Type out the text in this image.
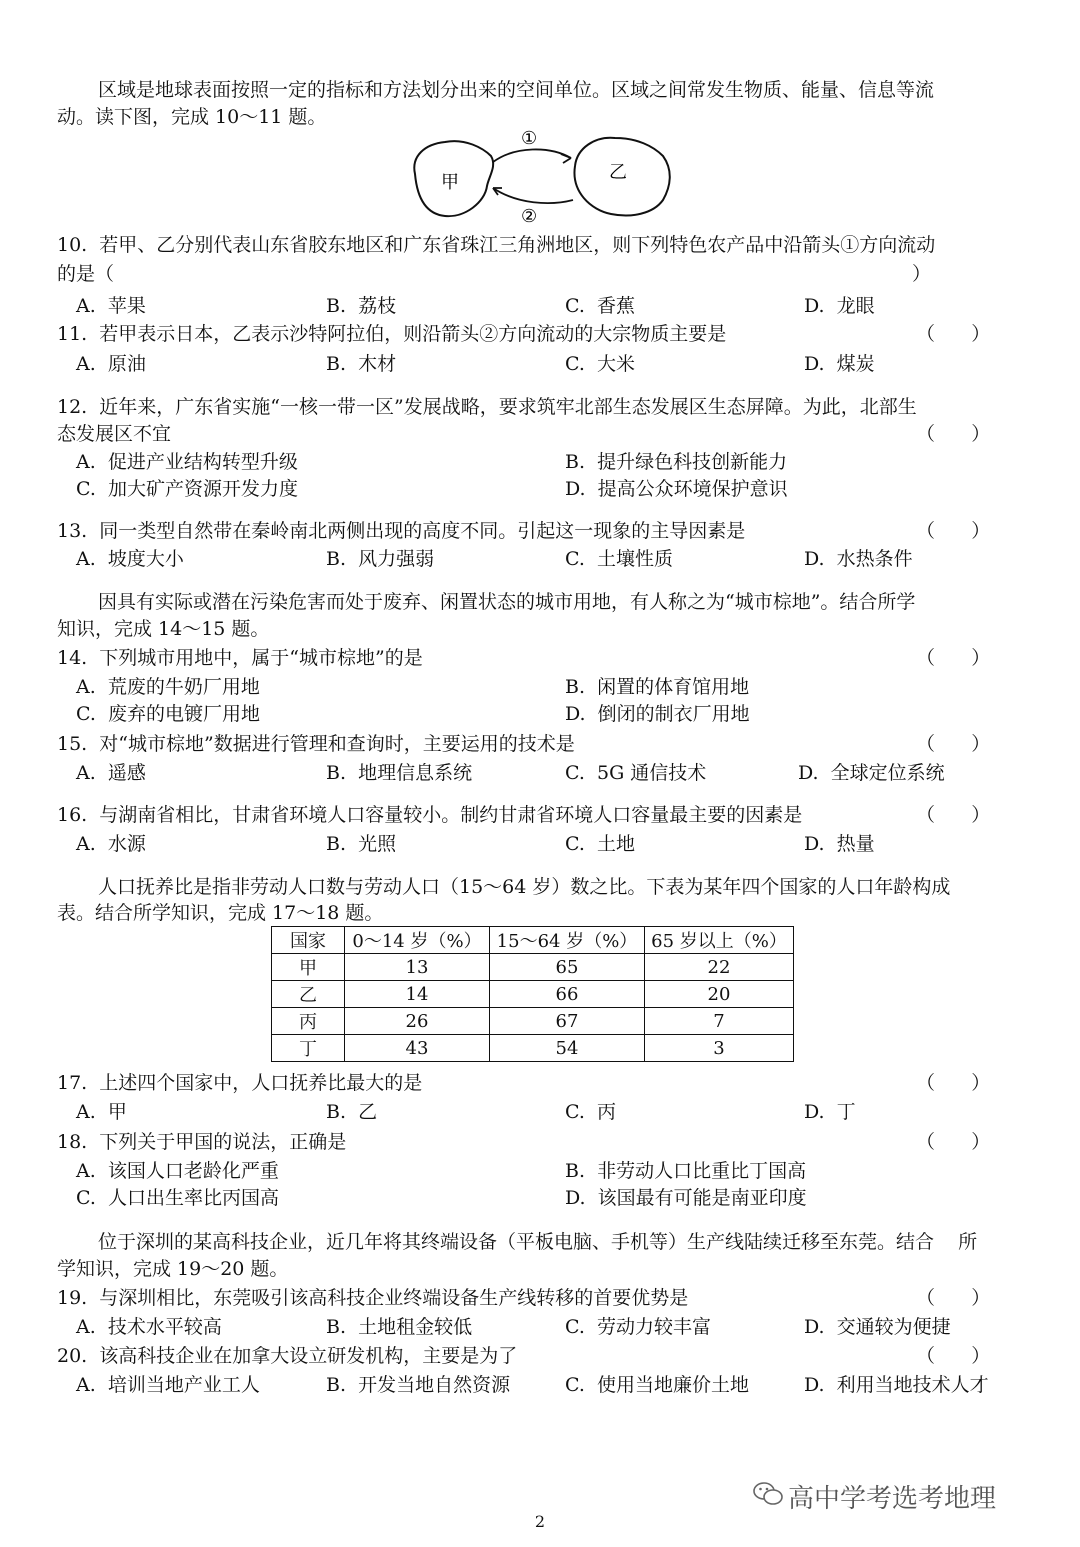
区域是地球表面按照一定的指标和方法划分出来的空间单位。区域之间常发生物质、能量、信息等流
动。读下图，完成 10～11 题。
甲	乙
①
②
10.  若甲、乙分别代表山东省胶东地区和广东省珠江三角洲地区，则下列特色农产品中沿箭头①方向流动
的是（	）
A.  苹果	B.  荔枝	C.  香蕉	D.  龙眼
11.  若甲表示日本，乙表示沙特阿拉伯，则沿箭头②方向流动的大宗物质主要是	（      ）
A.  原油	B.  木材	C.  大米	D.  煤炭
12.  近年来，广东省实施“一核一带一区”发展战略，要求筑牢北部生态发展区生态屏障。为此，北部生
态发展区不宜	（      ）
A.  促进产业结构转型升级	B.  提升绿色科技创新能力
C.  加大矿产资源开发力度	D.  提高公众环境保护意识
13.  同一类型自然带在秦岭南北两侧出现的高度不同。引起这一现象的主导因素是	（      ）
A.  坡度大小	B.  风力强弱	C.  土壤性质	D.  水热条件
因具有实际或潜在污染危害而处于废弃、闲置状态的城市用地，有人称之为“城市棕地”。结合所学
知识，完成 14～15 题。
14.  下列城市用地中，属于“城市棕地”的是	（      ）
A.  荒废的牛奶厂用地	B.  闲置的体育馆用地
C.  废弃的电镀厂用地	D.  倒闭的制衣厂用地
15.  对“城市棕地”数据进行管理和查询时，主要运用的技术是	（      ）
A.  遥感	B.  地理信息系统	C.  5G 通信技术	D.  全球定位系统
16.  与湖南省相比，甘肃省环境人口容量较小。制约甘肃省环境人口容量最主要的因素是	（      ）
A.  水源	B.  光照	C.  土地	D.  热量
人口抚养比是指非劳动人口数与劳动人口（15～64 岁）数之比。下表为某年四个国家的人口年龄构成
表。结合所学知识，完成 17～18 题。
国家	0～14 岁（%）	15～64 岁（%）	65 岁以上（%）
甲	13	65	22
乙	14	66	20
丙	26	67	7
丁	43	54	3
17.  上述四个国家中，人口抚养比最大的是	（      ）
A.  甲	B.  乙	C.  丙	D.  丁
18.  下列关于甲国的说法，正确是	（      ）
A.  该国人口老龄化严重	B.  非劳动人口比重比丁国高
C.  人口出生率比丙国高	D.  该国最有可能是南亚印度
位于深圳的某高科技企业，近几年将其终端设备（平板电脑、手机等）生产线陆续迁移至东莞。结合    所
学知识，完成 19～20 题。
19.  与深圳相比，东莞吸引该高科技企业终端设备生产线转移的首要优势是	（      ）
A.  技术水平较高	B.  土地租金较低	C.  劳动力较丰富	D.  交通较为便捷
20.  该高科技企业在加拿大设立研发机构，主要是为了	（      ）
A.  培训当地产业工人	B.  开发当地自然资源	C.  使用当地廉价土地	D.  利用当地技术人才
高中学考选考地理
2
